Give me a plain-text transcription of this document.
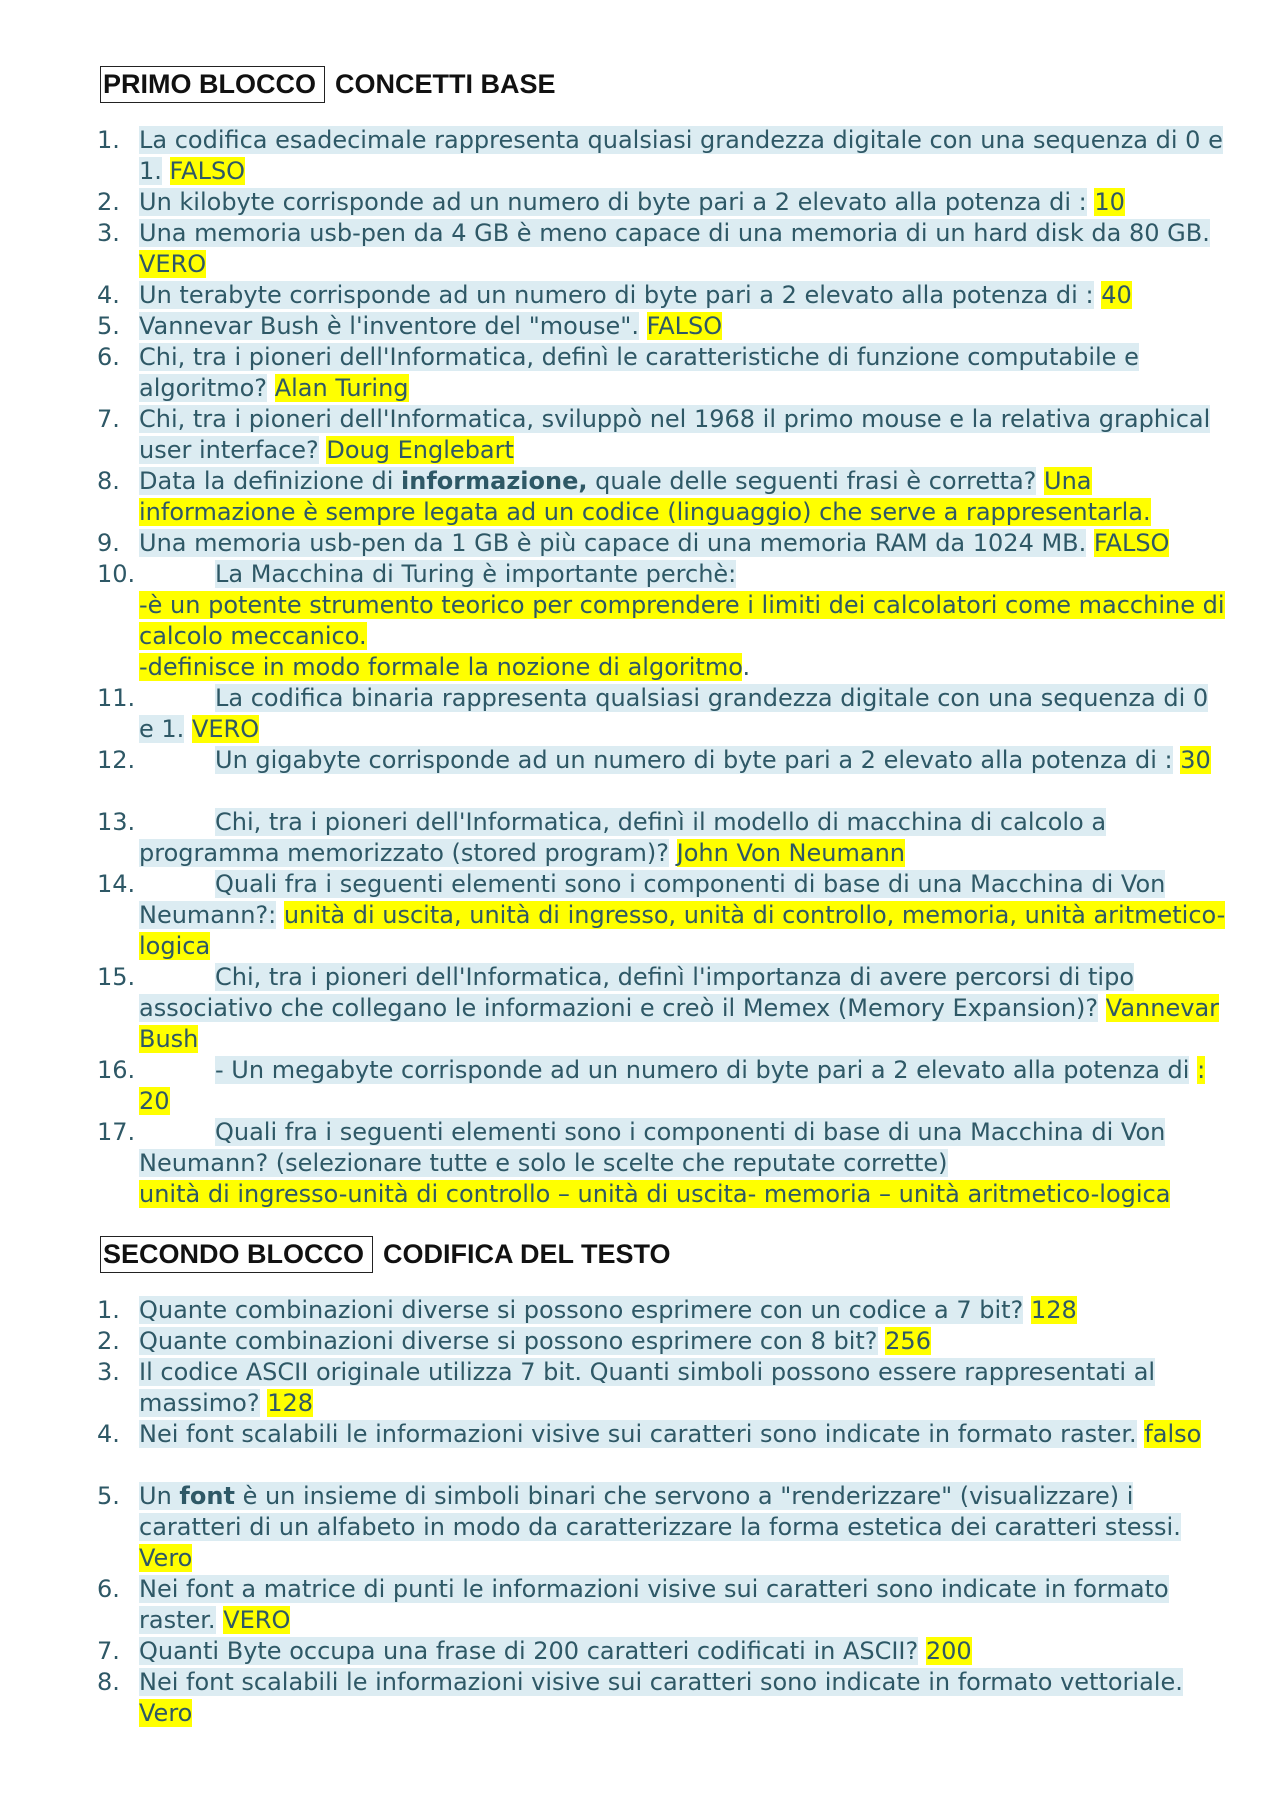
PRIMO BLOCCO CONCETTI BASE
1. La codifica esadecimale rappresenta qualsiasi grandezza digitale con una sequenza di 0 e 1. FALSO
2. Un kilobyte corrisponde ad un numero di byte pari a 2 elevato alla potenza di : 10
3. Una memoria usb-pen da 4 GB è meno capace di una memoria di un hard disk da 80 GB. VERO
4. Un terabyte corrisponde ad un numero di byte pari a 2 elevato alla potenza di : 40
5. Vannevar Bush è l'inventore del "mouse". FALSO
6. Chi, tra i pioneri dell'Informatica, definì le caratteristiche di funzione computabile e algoritmo? Alan Turing
7. Chi, tra i pioneri dell'Informatica, sviluppò nel 1968 il primo mouse e la relativa graphical user interface? Doug Englebart
8. Data la definizione di informazione, quale delle seguenti frasi è corretta? Una informazione è sempre legata ad un codice (linguaggio) che serve a rappresentarla.
9. Una memoria usb-pen da 1 GB è più capace di una memoria RAM da 1024 MB. FALSO
10.	La Macchina di Turing è importante perchè:
-è un potente strumento teorico per comprendere i limiti dei calcolatori come macchine di calcolo meccanico.
-definisce in modo formale la nozione di algoritmo.
11.	La codifica binaria rappresenta qualsiasi grandezza digitale con una sequenza di 0 e 1. VERO
12.	Un gigabyte corrisponde ad un numero di byte pari a 2 elevato alla potenza di : 30
13.	Chi, tra i pioneri dell'Informatica, definì il modello di macchina di calcolo a programma memorizzato (stored program)? John Von Neumann
14.	Quali fra i seguenti elementi sono i componenti di base di una Macchina di Von Neumann?: unità di uscita, unità di ingresso, unità di controllo, memoria, unità aritmetico-logica
15.	Chi, tra i pioneri dell'Informatica, definì l'importanza di avere percorsi di tipo associativo che collegano le informazioni e creò il Memex (Memory Expansion)? Vannevar Bush
16.	- Un megabyte corrisponde ad un numero di byte pari a 2 elevato alla potenza di : 20
17.	Quali fra i seguenti elementi sono i componenti di base di una Macchina di Von Neumann? (selezionare tutte e solo le scelte che reputate corrette)
unità di ingresso-unità di controllo – unità di uscita- memoria – unità aritmetico-logica
SECONDO BLOCCO CODIFICA DEL TESTO
1. Quante combinazioni diverse si possono esprimere con un codice a 7 bit? 128
2. Quante combinazioni diverse si possono esprimere con 8 bit? 256
3. Il codice ASCII originale utilizza 7 bit. Quanti simboli possono essere rappresentati al massimo? 128
4. Nei font scalabili le informazioni visive sui caratteri sono indicate in formato raster. falso
5. Un font è un insieme di simboli binari che servono a "renderizzare" (visualizzare) i caratteri di un alfabeto in modo da caratterizzare la forma estetica dei caratteri stessi. Vero
6. Nei font a matrice di punti le informazioni visive sui caratteri sono indicate in formato raster. VERO
7. Quanti Byte occupa una frase di 200 caratteri codificati in ASCII? 200
8. Nei font scalabili le informazioni visive sui caratteri sono indicate in formato vettoriale. Vero
